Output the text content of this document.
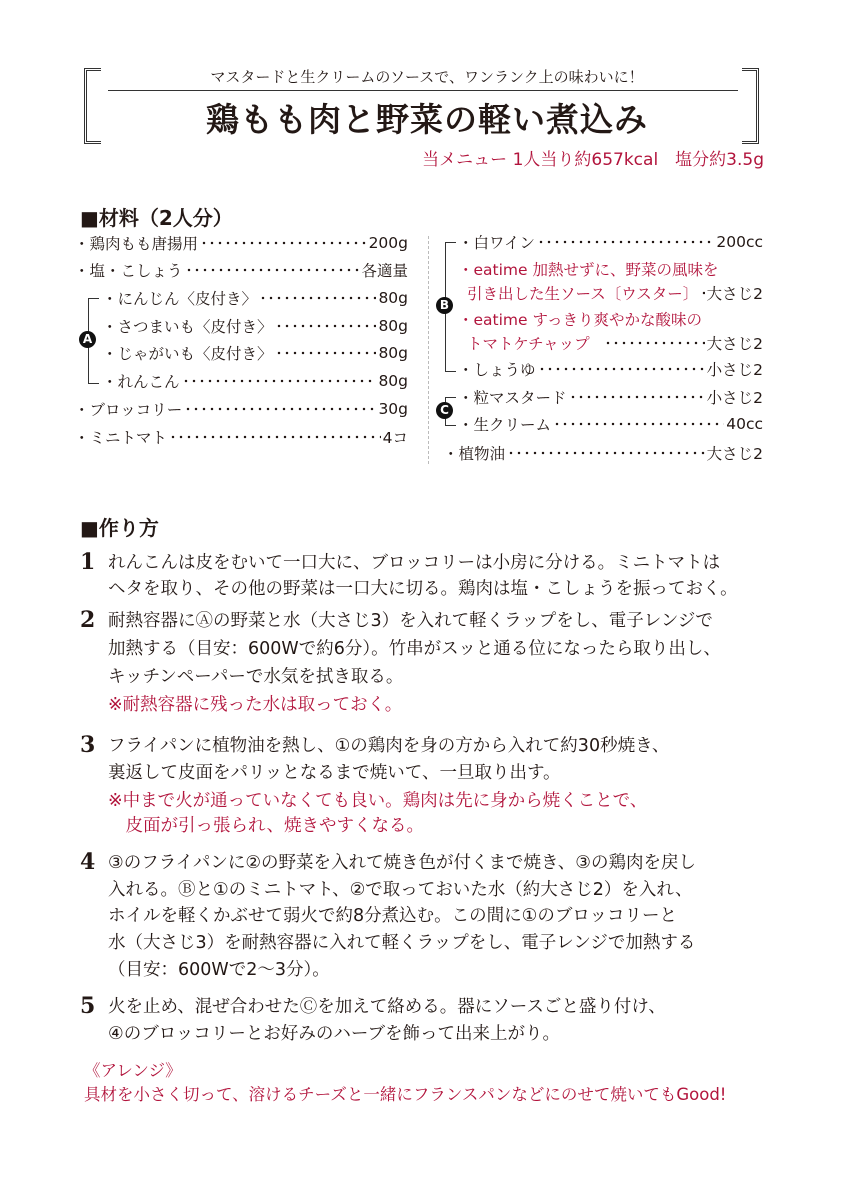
マスタードと生クリームのソースで、ワンランク上の味わいに！
鶏もも肉と野菜の軽い煮込み
当メニュー 1人当り約657kcal　塩分約3.5g
■材料（2人分）
・鶏肉もも唐揚用	200g
・塩・こしょう	各適量
・にんじん〈皮付き〉	80g
・さつまいも〈皮付き〉	80g
・じゃがいも〈皮付き〉	80g
・れんこん	80g
・ブロッコリー	30g
・ミニトマト	4コ
A
・白ワイン	200cc
・eatime 加熱せずに、野菜の風味を
引き出した生ソース〔ウスター〕 大さじ2
・eatime すっきり爽やかな酸味の
トマトケチャップ	大さじ2
・しょうゆ	小さじ2
・粒マスタード	小さじ2
・生クリーム	40cc
・植物油	大さじ2
B
C
■作り方
1 れんこんは皮をむいて一口大に、ブロッコリーは小房に分ける。ミニトマトは
ヘタを取り、その他の野菜は一口大に切る。鶏肉は塩・こしょうを振っておく。
2 耐熱容器にⒶの野菜と水（大さじ3）を入れて軽くラップをし、電子レンジで
加熱する（目安：600Wで約6分）。竹串がスッと通る位になったら取り出し、
キッチンペーパーで水気を拭き取る。
※耐熱容器に残った水は取っておく。
3 フライパンに植物油を熱し、①の鶏肉を身の方から入れて約30秒焼き、
裏返して皮面をパリッとなるまで焼いて、一旦取り出す。
※中まで火が通っていなくても良い。鶏肉は先に身から焼くことで、
　皮面が引っ張られ、焼きやすくなる。
4 ③のフライパンに②の野菜を入れて焼き色が付くまで焼き、③の鶏肉を戻し
入れる。Ⓑと①のミニトマト、②で取っておいた水（約大さじ2）を入れ、
ホイルを軽くかぶせて弱火で約8分煮込む。この間に①のブロッコリーと
水（大さじ3）を耐熱容器に入れて軽くラップをし、電子レンジで加熱する
（目安：600Wで2〜3分）。
5 火を止め、混ぜ合わせたⒸを加えて絡める。器にソースごと盛り付け、
④のブロッコリーとお好みのハーブを飾って出来上がり。
《アレンジ》
具材を小さく切って、溶けるチーズと一緒にフランスパンなどにのせて焼いてもGood!
